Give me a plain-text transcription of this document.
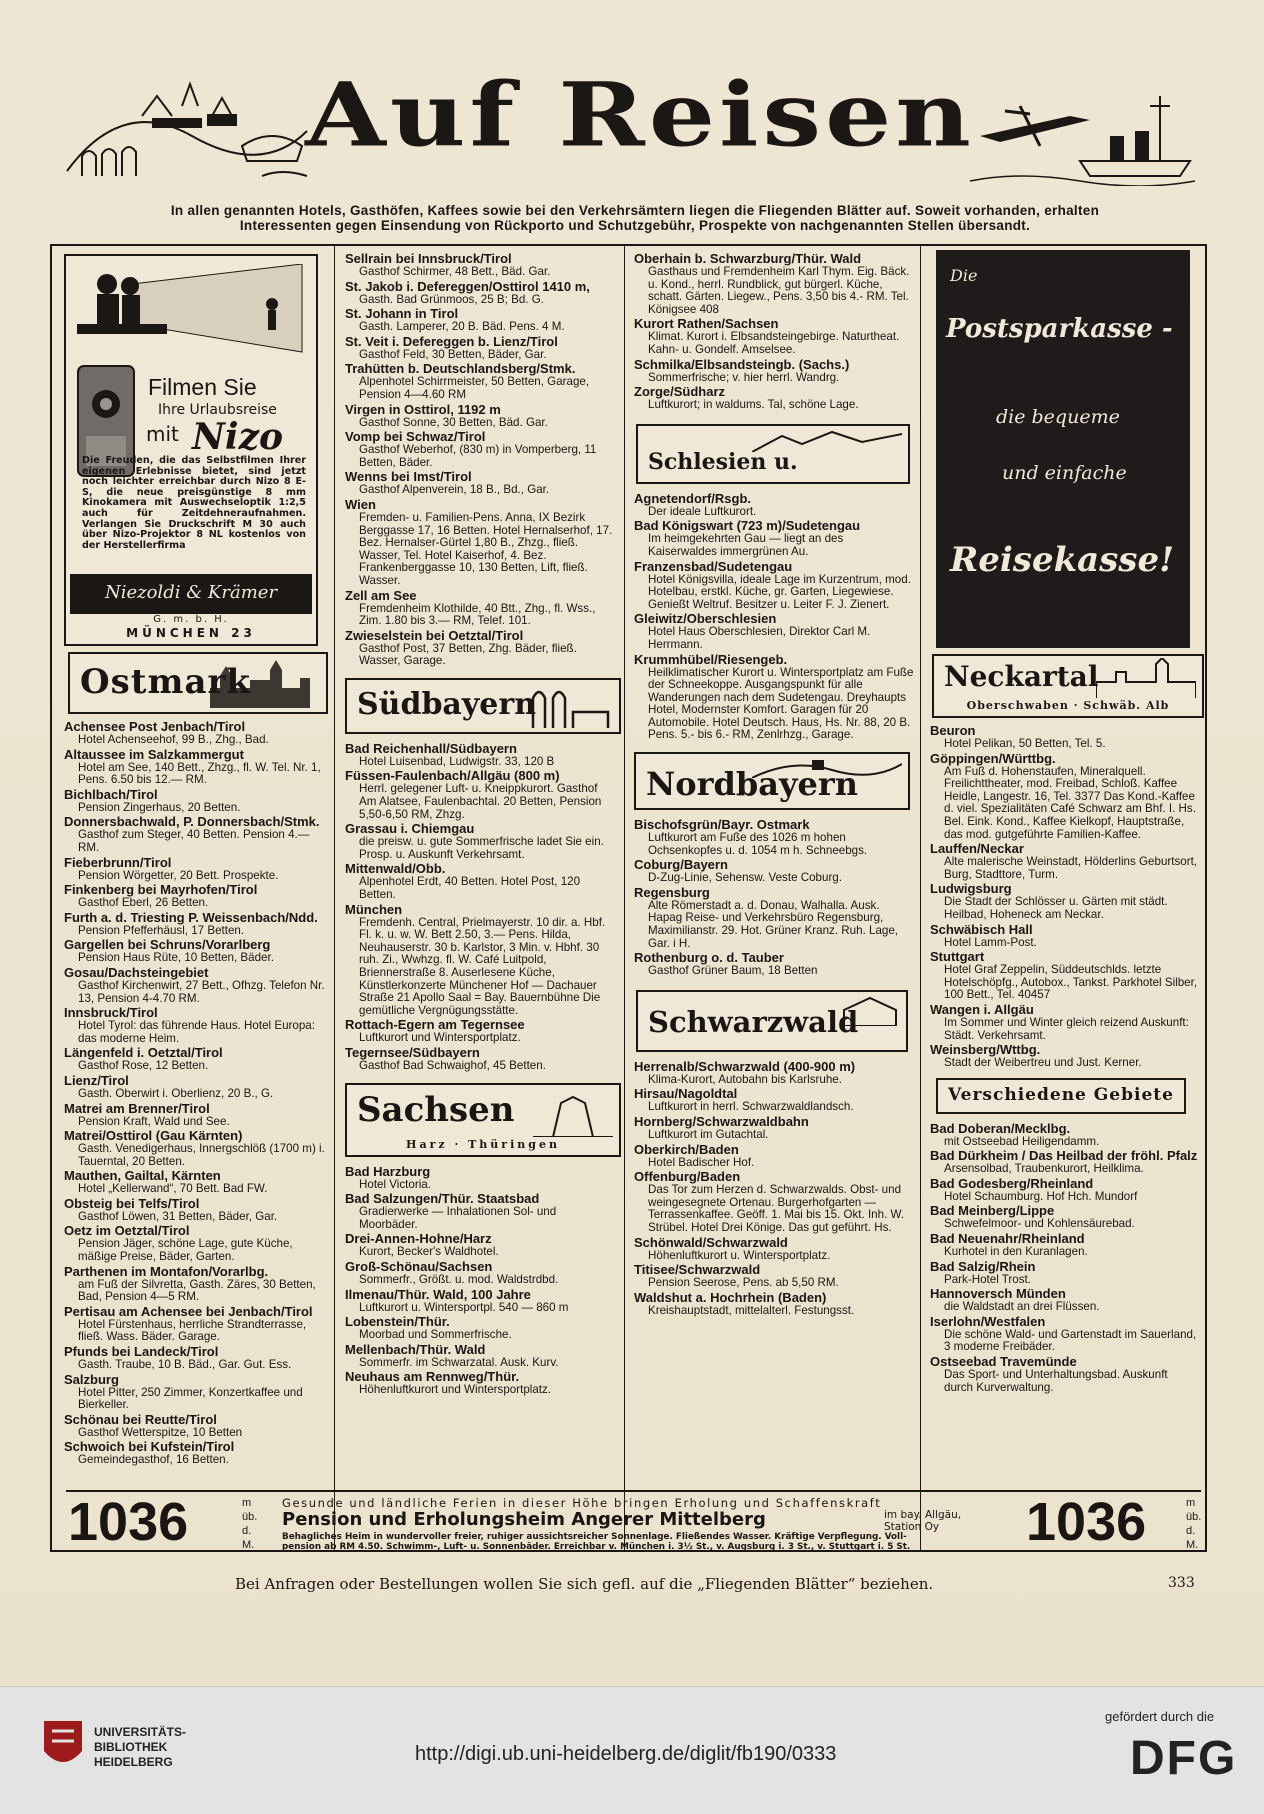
Auf Reisen
In allen genannten Hotels, Gasthöfen, Kaffees sowie bei den Verkehrsämtern liegen die Fliegenden Blätter auf. Soweit vorhanden, erhalten
Interessenten gegen Einsendung von Rückporto und Schutzgebühr, Prospekte von nachgenannten Stellen übersandt.
Filmen Sie
Ihre Urlaubsreise
mit Nizo
Die Freuden, die das Selbstfilmen Ihrer eigenen Erlebnisse bietet, sind jetzt noch leichter erreichbar durch Nizo 8 E-S, die neue preisgünstige 8 mm Kinokamera mit Auswechseloptik 1:2,5 auch für Zeitdehneraufnahmen. Verlangen Sie Druckschrift M 30 auch über Nizo-Projektor 8 NL kostenlos von der Herstellerfirma
Niezoldi & Krämer
G. m. b. H.
MÜNCHEN 23
Ostmark
Achensee Post Jenbach/Tirol
Hotel Achenseehof, 99 B., Zhg., Bad.
Altaussee im Salzkammergut
Hotel am See, 140 Bett., Zhzg., fl. W. Tel. Nr. 1, Pens. 6.50 bis 12.— RM.
Bichlbach/Tirol
Pension Zingerhaus, 20 Betten.
Donnersbachwald, P. Donnersbach/Stmk.
Gasthof zum Steger, 40 Betten. Pension 4.— RM.
Fieberbrunn/Tirol
Pension Wörgetter, 20 Bett. Prospekte.
Finkenberg bei Mayrhofen/Tirol
Gasthof Eberl, 26 Betten.
Furth a. d. Triesting P. Weissenbach/Ndd.
Pension Pfefferhäusl, 17 Betten.
Gargellen bei Schruns/Vorarlberg
Pension Haus Rüte, 10 Betten, Bäder.
Gosau/Dachsteingebiet
Gasthof Kirchenwirt, 27 Bett., Ofhzg. Telefon Nr. 13, Pension 4-4.70 RM.
Innsbruck/Tirol
Hotel Tyrol: das führende Haus. Hotel Europa: das moderne Heim.
Längenfeld i. Oetztal/Tirol
Gasthof Rose, 12 Betten.
Lienz/Tirol
Gasth. Oberwirt i. Oberlienz, 20 B., G.
Matrei am Brenner/Tirol
Pension Kraft, Wald und See.
Matrei/Osttirol (Gau Kärnten)
Gasth. Venedigerhaus, Innergschlöß (1700 m) i. Tauerntal, 20 Betten.
Mauthen, Gailtal, Kärnten
Hotel „Kellerwand“, 70 Bett. Bad FW.
Obsteig bei Telfs/Tirol
Gasthof Löwen, 31 Betten, Bäder, Gar.
Oetz im Oetztal/Tirol
Pension Jäger, schöne Lage, gute Küche, mäßige Preise, Bäder, Garten.
Parthenen im Montafon/Vorarlbg.
am Fuß der Silvretta, Gasth. Zäres, 30 Betten, Bad, Pension 4—5 RM.
Pertisau am Achensee bei Jenbach/Tirol
Hotel Fürstenhaus, herrliche Strandterrasse, fließ. Wass. Bäder. Garage.
Pfunds bei Landeck/Tirol
Gasth. Traube, 10 B. Bäd., Gar. Gut. Ess.
Salzburg
Hotel Pitter, 250 Zimmer, Konzertkaffee und Bierkeller.
Schönau bei Reutte/Tirol
Gasthof Wetterspitze, 10 Betten
Schwoich bei Kufstein/Tirol
Gemeindegasthof, 16 Betten.
Sellrain bei Innsbruck/Tirol
Gasthof Schirmer, 48 Bett., Bäd. Gar.
St. Jakob i. Defereggen/Osttirol 1410 m,
Gasth. Bad Grünmoos, 25 B; Bd. G.
St. Johann in Tirol
Gasth. Lamperer, 20 B. Bäd. Pens. 4 M.
St. Veit i. Defereggen b. Lienz/Tirol
Gasthof Feld, 30 Betten, Bäder, Gar.
Trahütten b. Deutschlandsberg/Stmk.
Alpenhotel Schirrmeister, 50 Betten, Garage, Pension 4—4.60 RM
Virgen in Osttirol, 1192 m
Gasthof Sonne, 30 Betten, Bäd. Gar.
Vomp bei Schwaz/Tirol
Gasthof Weberhof, (830 m) in Vomperberg, 11 Betten, Bäder.
Wenns bei Imst/Tirol
Gasthof Alpenverein, 18 B., Bd., Gar.
Wien
Fremden- u. Familien-Pens. Anna, IX Bezirk Berggasse 17, 16 Betten. Hotel Hernalserhof, 17. Bez. Hernalser-Gürtel 1,80 B., Zhzg., fließ. Wasser, Tel. Hotel Kaiserhof, 4. Bez. Frankenberggasse 10, 130 Betten, Lift, fließ. Wasser.
Zell am See
Fremdenheim Klothilde, 40 Btt., Zhg., fl. Wss., Zim. 1.80 bis 3.— RM, Telef. 101.
Zwieselstein bei Oetztal/Tirol
Gasthof Post, 37 Betten, Zhg. Bäder, fließ. Wasser, Garage.
Südbayern
Bad Reichenhall/Südbayern
Hotel Luisenbad, Ludwigstr. 33, 120 B
Füssen-Faulenbach/Allgäu (800 m)
Herrl. gelegener Luft- u. Kneippkurort. Gasthof Am Alatsee, Faulenbachtal. 20 Betten, Pension 5,50-6,50 RM, Zhzg.
Grassau i. Chiemgau
die preisw. u. gute Sommerfrische ladet Sie ein. Prosp. u. Auskunft Verkehrsamt.
Mittenwald/Obb.
Alpenhotel Erdt, 40 Betten. Hotel Post, 120 Betten.
München
Fremdenh. Central, Prielmayerstr. 10 dir. a. Hbf. Fl. k. u. w. W. Bett 2.50, 3.— Pens. Hilda, Neuhauserstr. 30 b. Karlstor, 3 Min. v. Hbhf. 30 ruh. Zi., Wwhzg. fl. W. Café Luitpold, Briennerstraße 8. Auserlesene Küche, Künstlerkonzerte Münchener Hof — Dachauer Straße 21 Apollo Saal = Bay. Bauernbühne Die gemütliche Vergnügungsstätte.
Rottach-Egern am Tegernsee
Luftkurort und Wintersportplatz.
Tegernsee/Südbayern
Gasthof Bad Schwaighof, 45 Betten.
Sachsen
Harz · Thüringen
Bad Harzburg
Hotel Victoria.
Bad Salzungen/Thür. Staatsbad
Gradierwerke — Inhalationen Sol- und Moorbäder.
Drei-Annen-Hohne/Harz
Kurort, Becker's Waldhotel.
Groß-Schönau/Sachsen
Sommerfr., Größt. u. mod. Waldstrdbd.
Ilmenau/Thür. Wald, 100 Jahre
Luftkurort u. Wintersportpl. 540 — 860 m
Lobenstein/Thür.
Moorbad und Sommerfrische.
Mellenbach/Thür. Wald
Sommerfr. im Schwarzatal. Ausk. Kurv.
Neuhaus am Rennweg/Thür.
Höhenluftkurort und Wintersportplatz.
Oberhain b. Schwarzburg/Thür. Wald
Gasthaus und Fremdenheim Karl Thym. Eig. Bäck. u. Kond., herrl. Rundblick, gut bürgerl. Küche, schatt. Gärten. Liegew., Pens. 3,50 bis 4.- RM. Tel. Königsee 408
Kurort Rathen/Sachsen
Klimat. Kurort i. Elbsandsteingebirge. Naturtheat. Kahn- u. Gondelf. Amselsee.
Schmilka/Elbsandsteingb. (Sachs.)
Sommerfrische; v. hier herrl. Wandrg.
Zorge/Südharz
Luftkurort; in waldums. Tal, schöne Lage.
Schlesien u.
Agnetendorf/Rsgb.
Der ideale Luftkurort.
Bad Königswart (723 m)/Sudetengau
Im heimgekehrten Gau — liegt an des Kaiserwaldes immergrünen Au.
Franzensbad/Sudetengau
Hotel Königsvilla, ideale Lage im Kurzentrum, mod. Hotelbau, erstkl. Küche, gr. Garten, Liegewiese. Genießt Weltruf. Besitzer u. Leiter F. J. Zienert.
Gleiwitz/Oberschlesien
Hotel Haus Oberschlesien, Direktor Carl M. Herrmann.
Krummhübel/Riesengeb.
Heilklimatischer Kurort u. Wintersportplatz am Fuße der Schneekoppe. Ausgangspunkt für alle Wanderungen nach dem Sudetengau. Dreyhaupts Hotel, Modernster Komfort. Garagen für 20 Automobile. Hotel Deutsch. Haus, Hs. Nr. 88, 20 B. Pens. 5.- bis 6.- RM, Zenlrhzg., Garage.
Nordbayern
Bischofsgrün/Bayr. Ostmark
Luftkurort am Fuße des 1026 m hohen Ochsenkopfes u. d. 1054 m h. Schneebgs.
Coburg/Bayern
D-Zug-Linie, Sehensw. Veste Coburg.
Regensburg
Alte Römerstadt a. d. Donau, Walhalla. Ausk. Hapag Reise- und Verkehrsbüro Regensburg, Maximilianstr. 29. Hot. Grüner Kranz. Ruh. Lage, Gar. i H.
Rothenburg o. d. Tauber
Gasthof Grüner Baum, 18 Betten
Schwarzwald
Herrenalb/Schwarzwald (400-900 m)
Klima-Kurort, Autobahn bis Karlsruhe.
Hirsau/Nagoldtal
Luftkurort in herrl. Schwarzwaldlandsch.
Hornberg/Schwarzwaldbahn
Luftkurort im Gutachtal.
Oberkirch/Baden
Hotel Badischer Hof.
Offenburg/Baden
Das Tor zum Herzen d. Schwarzwalds. Obst- und weingesegnete Ortenau. Burgerhofgarten — Terrassenkaffee. Geöff. 1. Mai bis 15. Okt. Inh. W. Strübel. Hotel Drei Könige. Das gut geführt. Hs.
Schönwald/Schwarzwald
Höhenluftkurort u. Wintersportplatz.
Titisee/Schwarzwald
Pension Seerose, Pens. ab 5,50 RM.
Waldshut a. Hochrhein (Baden)
Kreishauptstadt, mittelalterl. Festungsst.
Die
Postsparkasse -
die bequeme
und einfache
Reisekasse!
Neckartal
Oberschwaben · Schwäb. Alb
Beuron
Hotel Pelikan, 50 Betten, Tel. 5.
Göppingen/Württbg.
Am Fuß d. Hohenstaufen, Mineralquell. Freilichttheater, mod. Freibad, Schloß. Kaffee Heidle, Langestr. 16, Tel. 3377 Das Kond.-Kaffee d. viel. Spezialitäten Café Schwarz am Bhf. I. Hs. Bel. Eink. Kond., Kaffee Kielkopf, Hauptstraße, das mod. gutgeführte Familien-Kaffee.
Lauffen/Neckar
Alte malerische Weinstadt, Hölderlins Geburtsort, Burg, Stadttore, Turm.
Ludwigsburg
Die Stadt der Schlösser u. Gärten mit städt. Heilbad, Hoheneck am Neckar.
Schwäbisch Hall
Hotel Lamm-Post.
Stuttgart
Hotel Graf Zeppelin, Süddeutschlds. letzte Hotelschöpfg., Autobox., Tankst. Parkhotel Silber, 100 Bett., Tel. 40457
Wangen i. Allgäu
Im Sommer und Winter gleich reizend Auskunft: Städt. Verkehrsamt.
Weinsberg/Wttbg.
Stadt der Weibertreu und Just. Kerner.
Verschiedene Gebiete
Bad Doberan/Mecklbg.
mit Ostseebad Heiligendamm.
Bad Dürkheim / Das Heilbad der fröhl. Pfalz
Arsensolbad, Traubenkurort, Heilklima.
Bad Godesberg/Rheinland
Hotel Schaumburg. Hof Hch. Mundorf
Bad Meinberg/Lippe
Schwefelmoor- und Kohlensäurebad.
Bad Neuenahr/Rheinland
Kurhotel in den Kuranlagen.
Bad Salzig/Rhein
Park-Hotel Trost.
Hannoversch Münden
die Waldstadt an drei Flüssen.
Iserlohn/Westfalen
Die schöne Wald- und Gartenstadt im Sauerland, 3 moderne Freibäder.
Ostseebad Travemünde
Das Sport- und Unterhaltungsbad. Auskunft durch Kurverwaltung.
1036	m
üb.
d.
M.
Gesunde und ländliche Ferien in dieser Höhe bringen Erholung und Schaffenskraft
Pension und Erholungsheim Angerer Mittelberg	im bay. Allgäu,
Station Oy
Behagliches Heim in wundervoller freier, ruhiger aussichtsreicher Sonnenlage. Fließendes Wasser. Kräftige Verpflegung. Voll-
pension ab RM 4.50. Schwimm-, Luft- u. Sonnenbäder. Erreichbar v. München i. 3½ St., v. Augsburg i. 3 St., v. Stuttgart i. 5 St. 1036	m
üb.
d.
M.
Bei Anfragen oder Bestellungen wollen Sie sich gefl. auf die „Fliegenden Blätter“ beziehen.	333
UNIVERSITÄTS-
BIBLIOTHEK
HEIDELBERG	http://digi.ub.uni-heidelberg.de/diglit/fb190/0333
gefördert durch die
DFG
